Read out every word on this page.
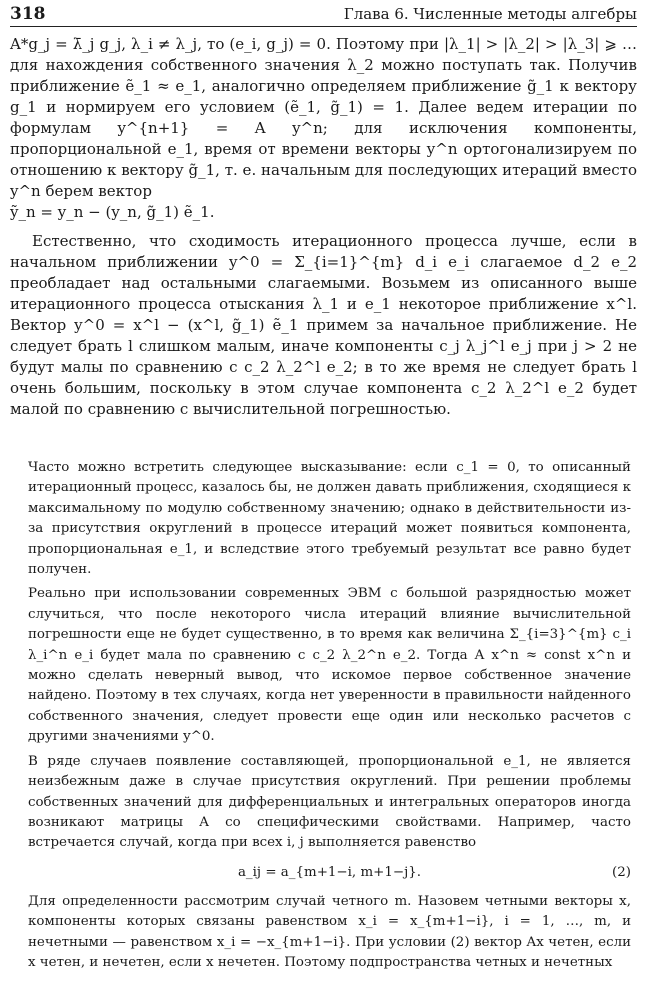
318	Глава 6. Численные методы алгебры

A*g_j = λ̄_j g_j, λ_i ≠ λ_j, то (e_i, g_j) = 0. Поэтому при |λ_1| > |λ_2| > |λ_3| ⩾ … для нахождения собственного значения λ_2 можно поступать так. Получив приближение ẽ_1 ≈ e_1, аналогично определяем приближение g̃_1 к вектору g_1 и нормируем его условием (ẽ_1, g̃_1) = 1. Далее ведем итерации по формулам y^{n+1} = A y^n; для исключения компоненты, пропорциональной e_1, время от времени векторы y^n ортогонализируем по отношению к вектору g̃_1, т. е. начальным для последующих итераций вместо y^n берем вектор

ỹ_n = y_n − (y_n, g̃_1) ẽ_1.

Естественно, что сходимость итерационного процесса лучше, если в начальном приближении y^0 = Σ_{i=1}^{m} d_i e_i слагаемое d_2 e_2 преобладает над остальными слагаемыми. Возьмем из описанного выше итерационного процесса отыскания λ_1 и e_1 некоторое приближение x^l. Вектор y^0 = x^l − (x^l, g̃_1) ẽ_1 примем за начальное приближение. Не следует брать l слишком малым, иначе компоненты c_j λ_j^l e_j при j > 2 не будут малы по сравнению с c_2 λ_2^l e_2; в то же время не следует брать l очень большим, поскольку в этом случае компонента c_2 λ_2^l e_2 будет малой по сравнению с вычислительной погрешностью.

Часто можно встретить следующее высказывание: если c_1 = 0, то описанный итерационный процесс, казалось бы, не должен давать приближения, сходящиеся к максимальному по модулю собственному значению; однако в действительности из-за присутствия округлений в процессе итераций может появиться компонента, пропорциональная e_1, и вследствие этого требуемый результат все равно будет получен.

Реально при использовании современных ЭВМ с большой разрядностью может случиться, что после некоторого числа итераций влияние вычислительной погрешности еще не будет существенно, в то время как величина Σ_{i=3}^{m} c_i λ_i^n e_i будет мала по сравнению с c_2 λ_2^n e_2. Тогда A x^n ≈ const x^n и можно сделать неверный вывод, что искомое первое собственное значение найдено. Поэтому в тех случаях, когда нет уверенности в правильности найденного собственного значения, следует провести еще один или несколько расчетов с другими значениями y^0.

В ряде случаев появление составляющей, пропорциональной e_1, не является неизбежным даже в случае присутствия округлений. При решении проблемы собственных значений для дифференциальных и интегральных операторов иногда возникают матрицы A со специфическими свойствами. Например, часто встречается случай, когда при всех i, j выполняется равенство

a_ij = a_{m+1−i, m+1−j}.	(2)

Для определенности рассмотрим случай четного m. Назовем четными векторы x, компоненты которых связаны равенством x_i = x_{m+1−i}, i = 1, …, m, и нечетными — равенством x_i = −x_{m+1−i}. При условии (2) вектор Ax четен, если x четен, и нечетен, если x нечетен. Поэтому подпространства четных и нечетных
